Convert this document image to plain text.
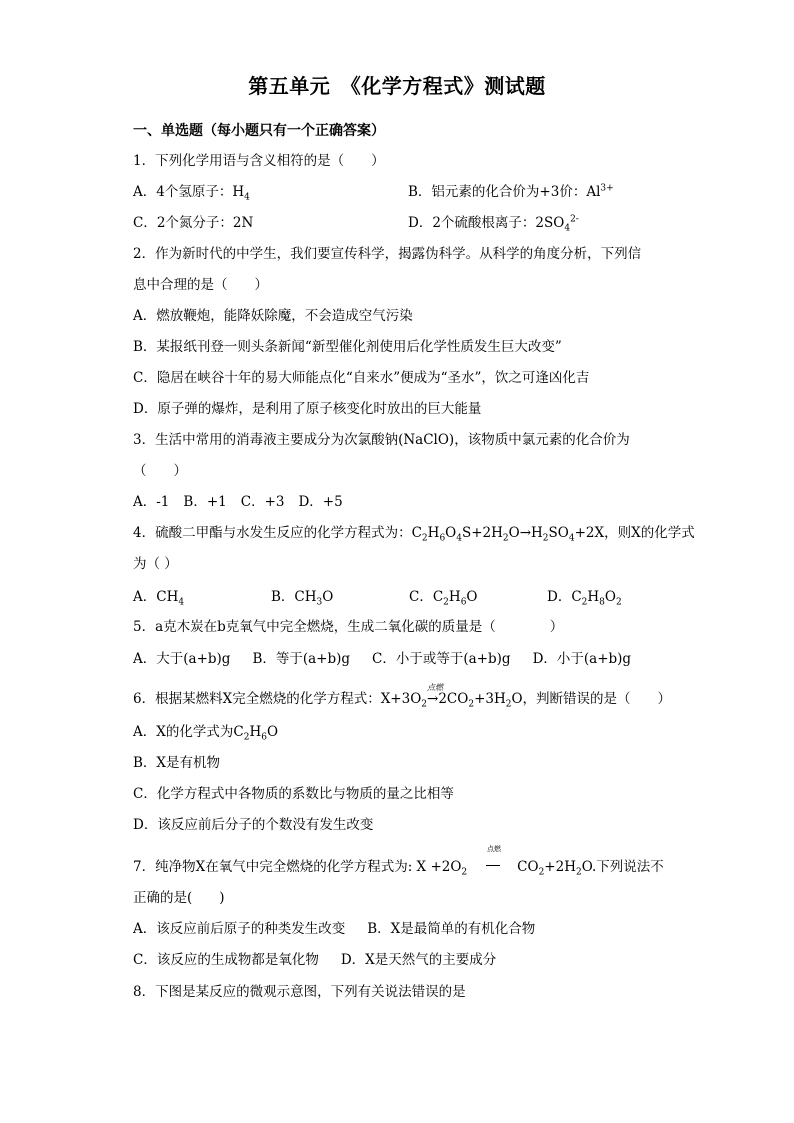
第五单元　《化学方程式》测试题
一、单选题（每小题只有一个正确答案）
1．下列化学用语与含义相符的是（　　）
A．4个氢原子：$H_4$	B．铝元素的化合价为+3价：$Al^{3+}$
C．2个氮分子：2N	D．2个硫酸根离子：$2SO_4^{2-}$
2．作为新时代的中学生，我们要宣传科学，揭露伪科学。从科学的角度分析，下列信
息中合理的是（　　）
A．燃放鞭炮，能降妖除魔，不会造成空气污染
B．某报纸刊登一则头条新闻“新型催化剂使用后化学性质发生巨大改变”
C．隐居在峡谷十年的易大师能点化“自来水”便成为“圣水”，饮之可逢凶化吉
D．原子弹的爆炸，是利用了原子核变化时放出的巨大能量
3．生活中常用的消毒液主要成分为次氯酸钠(NaClO)，该物质中氯元素的化合价为
（　　）
A．-1 B．+1 C．+3 D．+5
4．硫酸二甲酯与水发生反应的化学方程式为：$C_2H_6O_4S+2H_2O\to H_2SO_4+2X$，则X的化学式
为（ ）
A．$CH_4$	B．$CH_3O$	C．$C_2H_6O$	D．$C_2H_8O_2$
5．a克木炭在b克氧气中完全燃烧，生成二氧化碳的质量是（　　　　）
A．大于(a+b)g B．等于(a+b)g C．小于或等于(a+b)g D．小于(a+b)g
6．根据某燃料X完全燃烧的化学方程式：$X+3O_2$
点燃
$\to 2CO_2+3H_2O$，判断错误的是（　　）
A．X的化学式为$C_2H_6O$
B．X是有机物
C．化学方程式中各物质的系数比与物质的量之比相等
D．该反应前后分子的个数没有发生改变
7．纯净物X在氧气中完全燃烧的化学方程式为: $X +2O_2$	$CO_2+2H_2O$.下列说法不
点燃
正确的是(　　)
A．该反应前后原子的种类发生改变 B．X是最简单的有机化合物
C．该反应的生成物都是氧化物 D．X是天然气的主要成分
8．下图是某反应的微观示意图，下列有关说法错误的是
